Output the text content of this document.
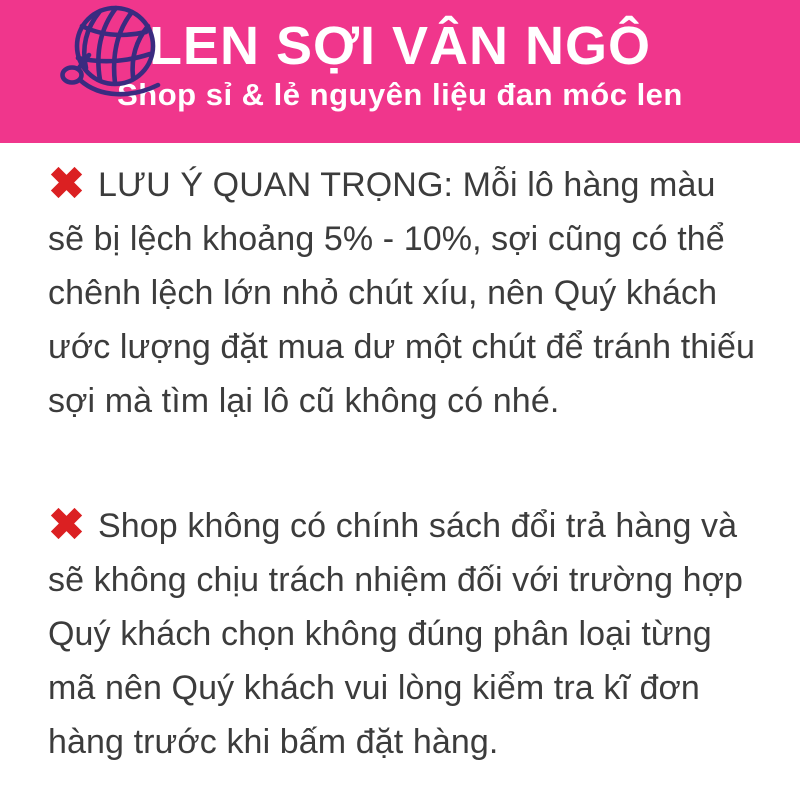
LEN SỢI VÂN NGÔ
Shop sỉ & lẻ nguyên liệu đan móc len

LƯU Ý QUAN TRỌNG: Mỗi lô hàng màu sẽ bị lệch khoảng 5% - 10%, sợi cũng có thể chênh lệch lớn nhỏ chút xíu, nên Quý khách ước lượng đặt mua dư một chút để tránh thiếu sợi mà tìm lại lô cũ không có nhé.

Shop không có chính sách đổi trả hàng và sẽ không chịu trách nhiệm đối với trường hợp Quý khách chọn không đúng phân loại từng mã nên Quý khách vui lòng kiểm tra kĩ đơn hàng trước khi bấm đặt hàng.
